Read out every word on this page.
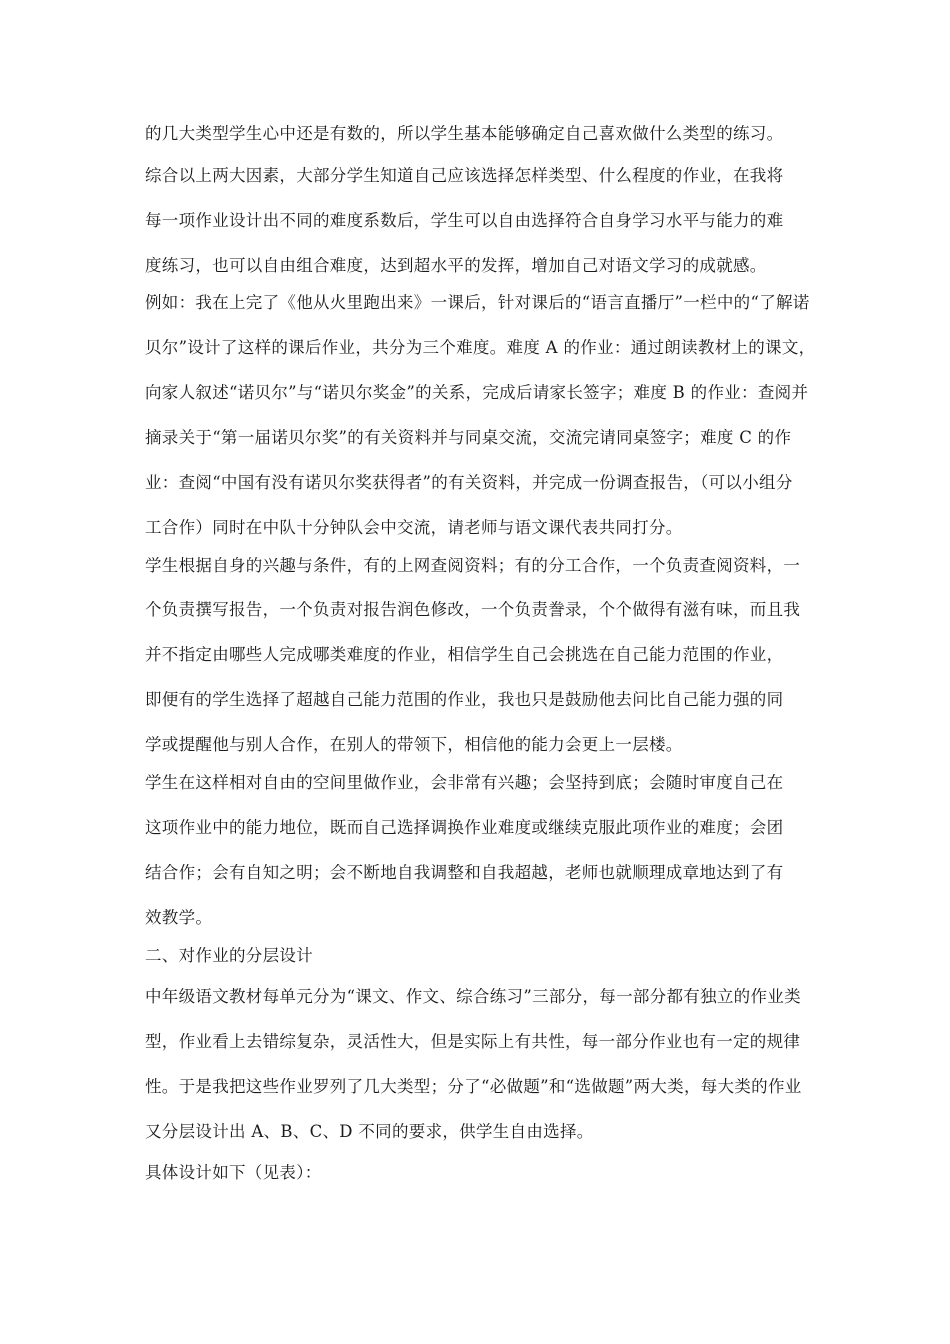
的几大类型学生心中还是有数的，所以学生基本能够确定自己喜欢做什么类型的练习。
综合以上两大因素，大部分学生知道自己应该选择怎样类型、什么程度的作业，在我将
每一项作业设计出不同的难度系数后，学生可以自由选择符合自身学习水平与能力的难
度练习，也可以自由组合难度，达到超水平的发挥，增加自己对语文学习的成就感。
例如：我在上完了《他从火里跑出来》一课后，针对课后的“语言直播厅”一栏中的“了解诺
贝尔”设计了这样的课后作业，共分为三个难度。难度 A 的作业：通过朗读教材上的课文，
向家人叙述“诺贝尔”与“诺贝尔奖金”的关系，完成后请家长签字；难度 B 的作业：查阅并
摘录关于“第一届诺贝尔奖”的有关资料并与同桌交流，交流完请同桌签字；难度 C 的作
业：查阅“中国有没有诺贝尔奖获得者”的有关资料，并完成一份调查报告，（可以小组分
工合作）同时在中队十分钟队会中交流，请老师与语文课代表共同打分。
学生根据自身的兴趣与条件，有的上网查阅资料；有的分工合作，一个负责查阅资料，一
个负责撰写报告，一个负责对报告润色修改，一个负责誊录，个个做得有滋有味，而且我
并不指定由哪些人完成哪类难度的作业，相信学生自己会挑选在自己能力范围的作业，
即便有的学生选择了超越自己能力范围的作业，我也只是鼓励他去问比自己能力强的同
学或提醒他与别人合作，在别人的带领下，相信他的能力会更上一层楼。
学生在这样相对自由的空间里做作业，会非常有兴趣；会坚持到底；会随时审度自己在
这项作业中的能力地位，既而自己选择调换作业难度或继续克服此项作业的难度；会团
结合作；会有自知之明；会不断地自我调整和自我超越，老师也就顺理成章地达到了有
效教学。
二、对作业的分层设计
中年级语文教材每单元分为“课文、作文、综合练习”三部分，每一部分都有独立的作业类
型，作业看上去错综复杂，灵活性大，但是实际上有共性，每一部分作业也有一定的规律
性。于是我把这些作业罗列了几大类型；分了“必做题”和“选做题”两大类，每大类的作业
又分层设计出 A、B、C、D 不同的要求，供学生自由选择。
具体设计如下（见表）：
